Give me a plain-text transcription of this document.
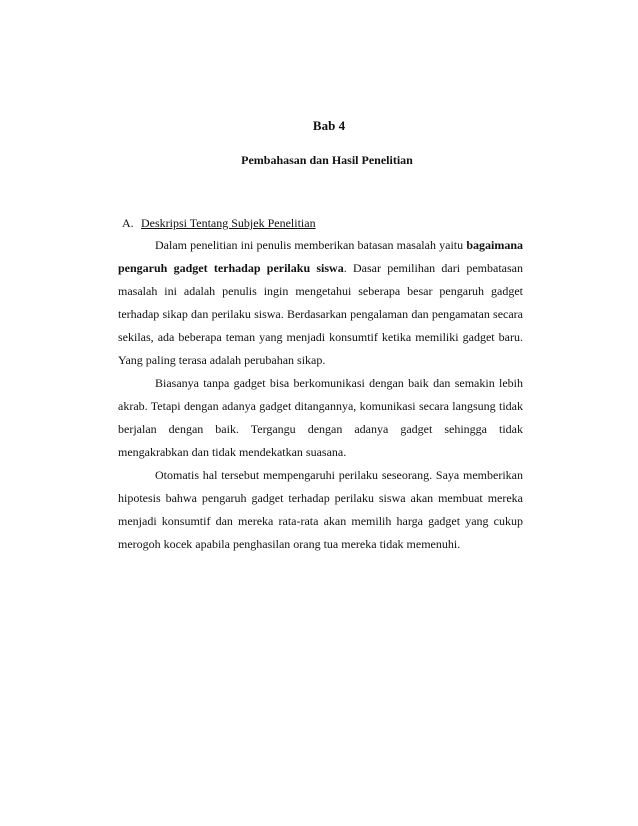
Bab 4
Pembahasan dan Hasil Penelitian

A. Deskripsi Tentang Subjek Penelitian

Dalam penelitian ini penulis memberikan batasan masalah yaitu bagaimana pengaruh gadget terhadap perilaku siswa. Dasar pemilihan dari pembatasan masalah ini adalah penulis ingin mengetahui seberapa besar pengaruh gadget terhadap sikap dan perilaku siswa. Berdasarkan pengalaman dan pengamatan secara sekilas, ada beberapa teman yang menjadi konsumtif ketika memiliki gadget baru. Yang paling terasa adalah perubahan sikap.

Biasanya tanpa gadget bisa berkomunikasi dengan baik dan semakin lebih akrab. Tetapi dengan adanya gadget ditangannya, komunikasi secara langsung tidak berjalan dengan baik. Tergangu dengan adanya gadget sehingga tidak mengakrabkan dan tidak mendekatkan suasana.

Otomatis hal tersebut mempengaruhi perilaku seseorang. Saya memberikan hipotesis bahwa pengaruh gadget terhadap perilaku siswa akan membuat mereka menjadi konsumtif dan mereka rata-rata akan memilih harga gadget yang cukup merogoh kocek apabila penghasilan orang tua mereka tidak memenuhi.
